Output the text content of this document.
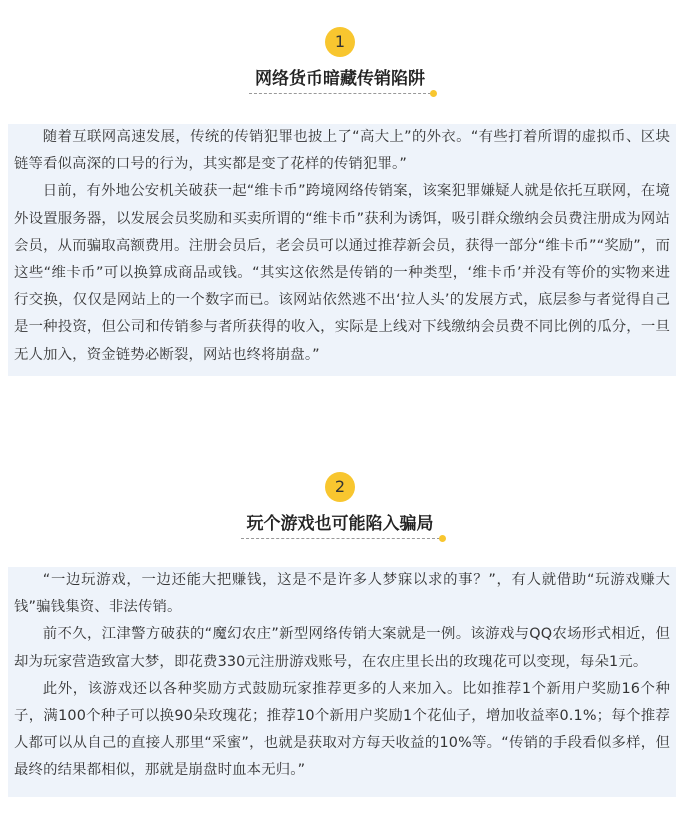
1
网络货币暗藏传销陷阱

随着互联网高速发展，传统的传销犯罪也披上了“高大上”的外衣。“有些打着所谓的虚拟币、区块链等看似高深的口号的行为，其实都是变了花样的传销犯罪。”

日前，有外地公安机关破获一起“维卡币”跨境网络传销案，该案犯罪嫌疑人就是依托互联网，在境外设置服务器，以发展会员奖励和买卖所谓的“维卡币”获利为诱饵，吸引群众缴纳会员费注册成为网站会员，从而骗取高额费用。注册会员后，老会员可以通过推荐新会员，获得一部分“维卡币”“奖励”，而这些“维卡币”可以换算成商品或钱。“其实这依然是传销的一种类型，‘维卡币’并没有等价的实物来进行交换，仅仅是网站上的一个数字而已。该网站依然逃不出‘拉人头’的发展方式，底层参与者觉得自己是一种投资，但公司和传销参与者所获得的收入，实际是上线对下线缴纳会员费不同比例的瓜分，一旦无人加入，资金链势必断裂，网站也终将崩盘。”

2
玩个游戏也可能陷入骗局

“一边玩游戏，一边还能大把赚钱，这是不是许多人梦寐以求的事？”，有人就借助“玩游戏赚大钱”骗钱集资、非法传销。

前不久，江津警方破获的“魔幻农庄”新型网络传销大案就是一例。该游戏与QQ农场形式相近，但却为玩家营造致富大梦，即花费330元注册游戏账号，在农庄里长出的玫瑰花可以变现，每朵1元。

此外，该游戏还以各种奖励方式鼓励玩家推荐更多的人来加入。比如推荐1个新用户奖励16个种子，满100个种子可以换90朵玫瑰花；推荐10个新用户奖励1个花仙子，增加收益率0.1%；每个推荐人都可以从自己的直接人那里“采蜜”，也就是获取对方每天收益的10%等。“传销的手段看似多样，但最终的结果都相似，那就是崩盘时血本无归。”
